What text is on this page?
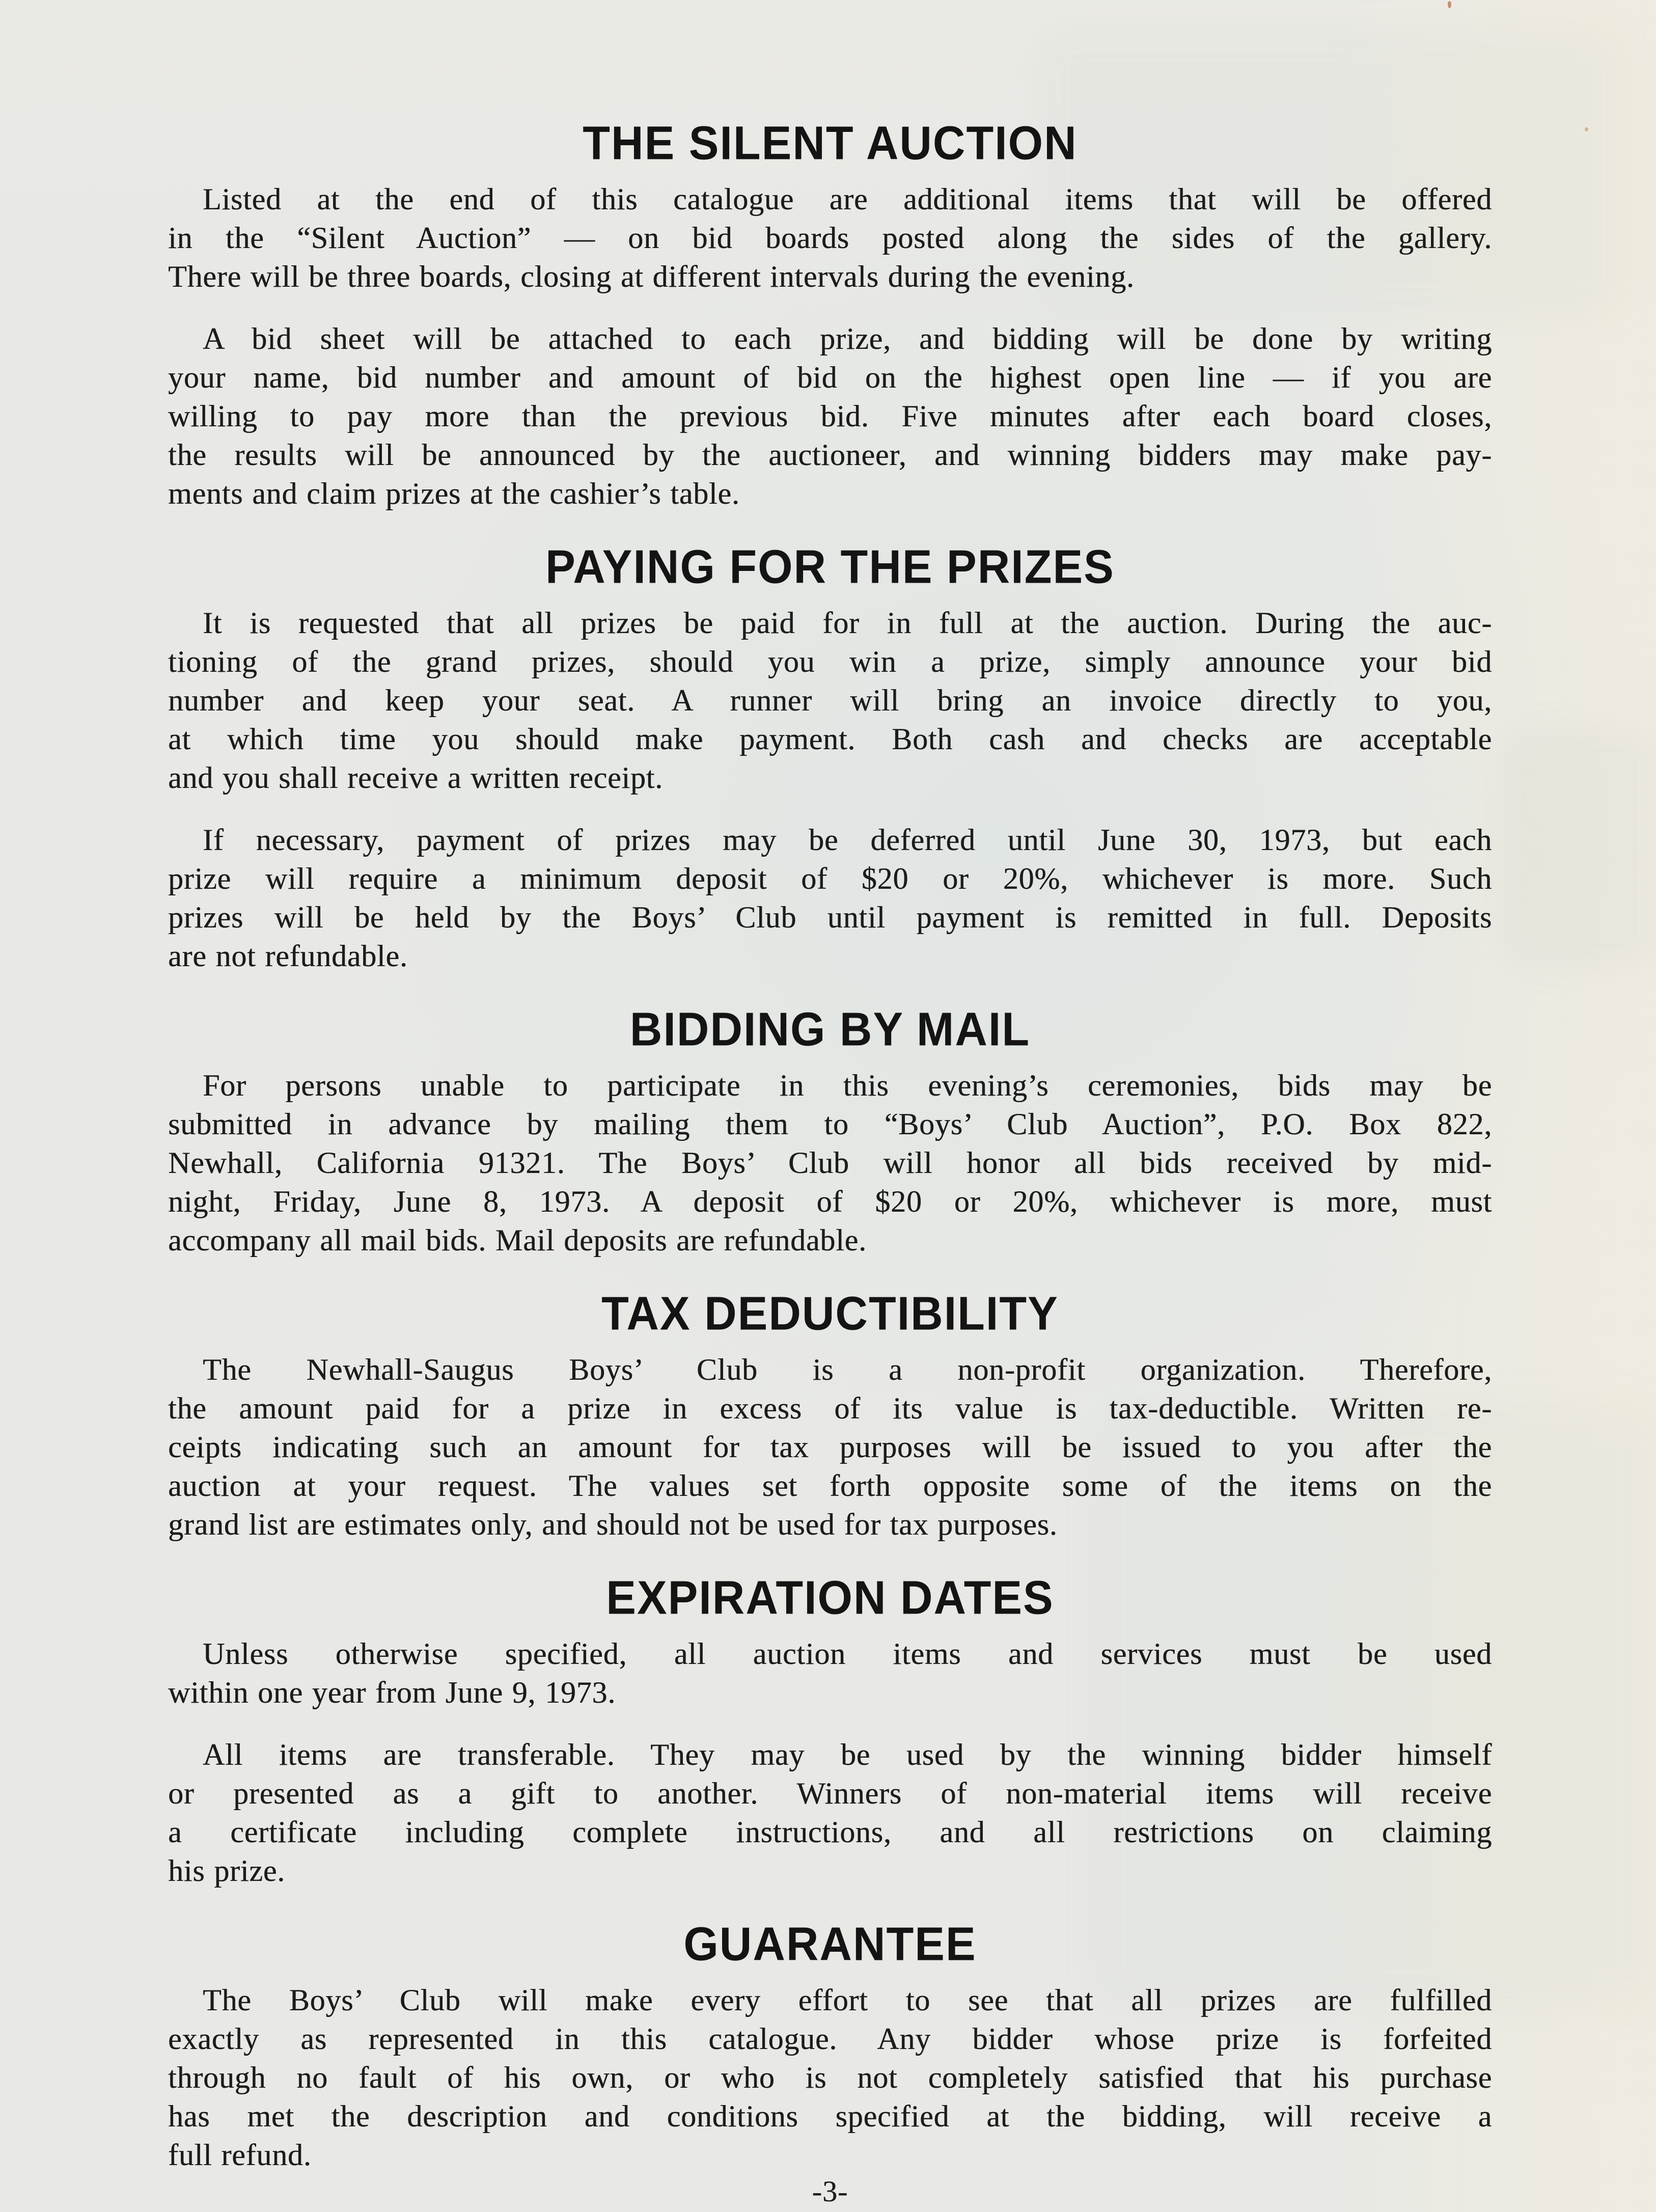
THE SILENT AUCTION
Listed at the end of this catalogue are additional items that will be offered
in the “Silent Auction” — on bid boards posted along the sides of the gallery.
There will be three boards, closing at different intervals during the evening.
A bid sheet will be attached to each prize, and bidding will be done by writing
your name, bid number and amount of bid on the highest open line — if you are
willing to pay more than the previous bid. Five minutes after each board closes,
the results will be announced by the auctioneer, and winning bidders may make pay-
ments and claim prizes at the cashier’s table.
PAYING FOR THE PRIZES
It is requested that all prizes be paid for in full at the auction. During the auc-
tioning of the grand prizes, should you win a prize, simply announce your bid
number and keep your seat. A runner will bring an invoice directly to you,
at which time you should make payment. Both cash and checks are acceptable
and you shall receive a written receipt.
If necessary, payment of prizes may be deferred until June 30, 1973, but each
prize will require a minimum deposit of $20 or 20%, whichever is more. Such
prizes will be held by the Boys’ Club until payment is remitted in full. Deposits
are not refundable.
BIDDING BY MAIL
For persons unable to participate in this evening’s ceremonies, bids may be
submitted in advance by mailing them to “Boys’ Club Auction”, P.O. Box 822,
Newhall, California 91321. The Boys’ Club will honor all bids received by mid-
night, Friday, June 8, 1973. A deposit of $20 or 20%, whichever is more, must
accompany all mail bids. Mail deposits are refundable.
TAX DEDUCTIBILITY
The Newhall-Saugus Boys’ Club is a non-profit organization. Therefore,
the amount paid for a prize in excess of its value is tax-deductible. Written re-
ceipts indicating such an amount for tax purposes will be issued to you after the
auction at your request. The values set forth opposite some of the items on the
grand list are estimates only, and should not be used for tax purposes.
EXPIRATION DATES
Unless otherwise specified, all auction items and services must be used
within one year from June 9, 1973.
All items are transferable. They may be used by the winning bidder himself
or presented as a gift to another. Winners of non-material items will receive
a certificate including complete instructions, and all restrictions on claiming
his prize.
GUARANTEE
The Boys’ Club will make every effort to see that all prizes are fulfilled
exactly as represented in this catalogue. Any bidder whose prize is forfeited
through no fault of his own, or who is not completely satisfied that his purchase
has met the description and conditions specified at the bidding, will receive a
full refund.
-3-
